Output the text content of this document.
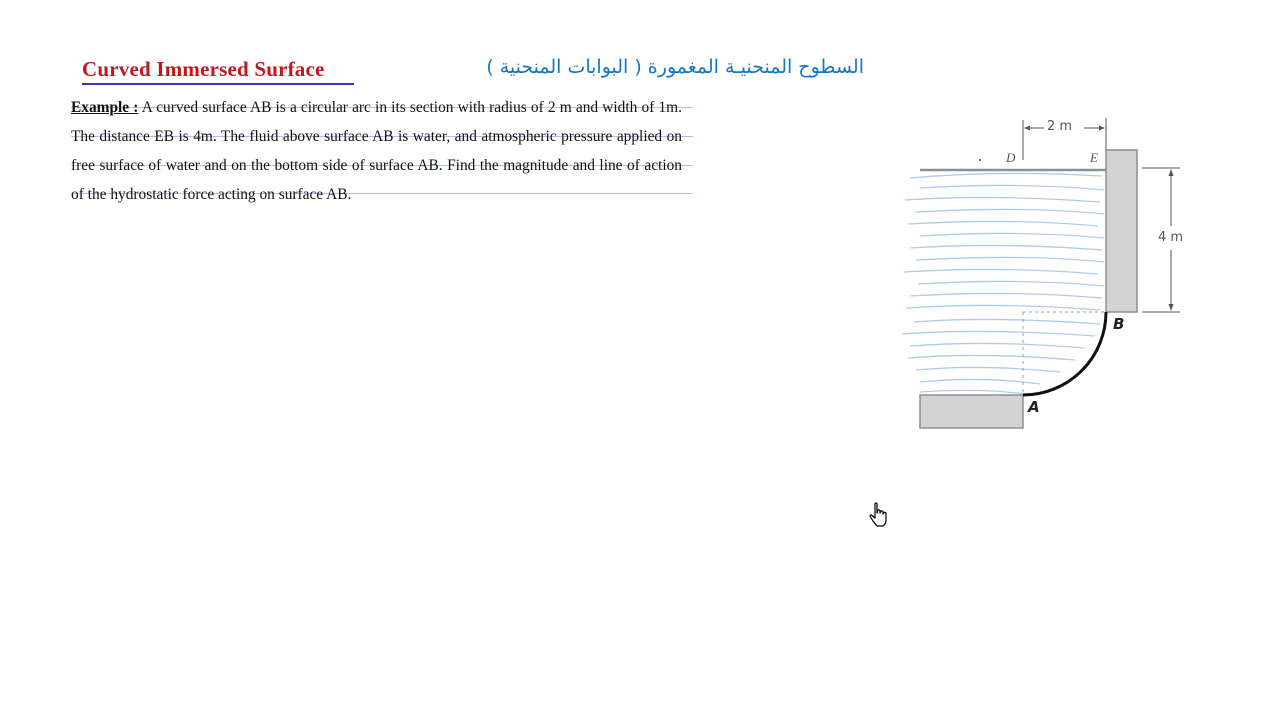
Curved Immersed Surface	السطوح المنحنيـة المغمورة ( البوابات المنحنية )
Example : A curved surface AB is a circular arc in its section with radius of 2 m and width of 1m. The distance EB is 4m. The fluid above surface AB is water, and atmospheric pressure applied on free surface of water and on the bottom side of surface AB. Find the magnitude and line of action of the hydrostatic force acting on surface AB.
D	E
B
A
2 m
4 m
